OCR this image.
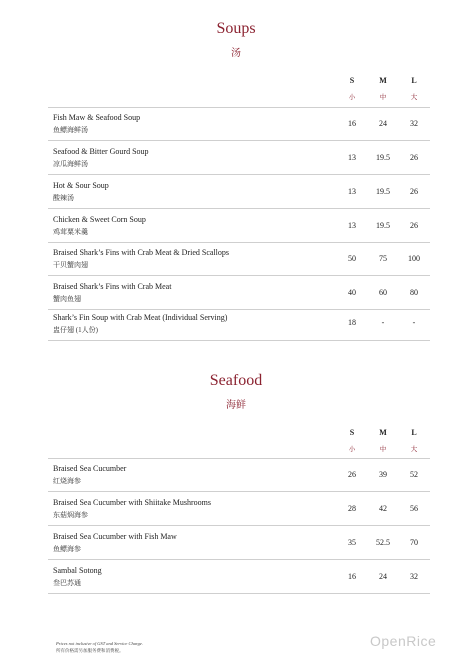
Soups
汤
S	M	L
小	中	大
Fish Maw & Seafood Soup
鱼鳔海鲜汤
16	24	32
Seafood & Bitter Gourd Soup
凉瓜海鲜汤
13	19.5	26
Hot & Sour Soup
酸辣汤
13	19.5	26
Chicken & Sweet Corn Soup
鸡茸粟米羹
13	19.5	26
Braised Shark’s Fins with Crab Meat & Dried Scallops
干贝蟹肉翅
50	75	100
Braised Shark’s Fins with Crab Meat
蟹肉鱼翅
40	60	80
Shark’s Fin Soup with Crab Meat (Individual Serving)
盅仔翅 (1人份)
18	-	-
Seafood
海鲜
S	M	L
小	中	大
Braised Sea Cucumber
红烧海参
26	39	52
Braised Sea Cucumber with Shiitake Mushrooms
东菇焖海参
28	42	56
Braised Sea Cucumber with Fish Maw
鱼鳔海参
35	52.5	70
Sambal Sotong
叁巴苏通
16	24	32
Prices not inclusive of GST and Service Charge.
所有价格需另加服务费和消费税。
OpenRice
